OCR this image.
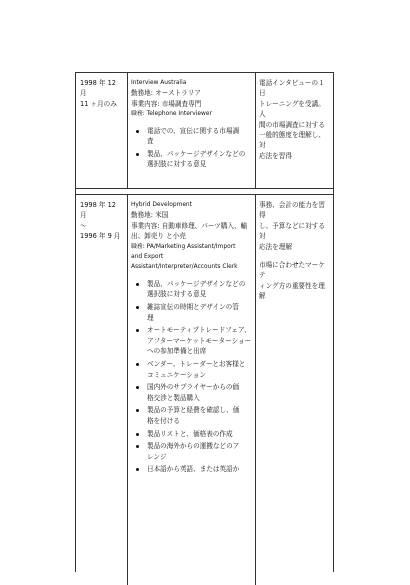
1998 年 12 月
11 ヶ月のみ
Interview Australia
勤務地: オーストラリア
事業内容: 市場調査専門
職務: Telephone Interviewer
電話での、宣伝に関する市場調
査
製品、パッケージデザインなどの
選択肢に対する意見
電話インタビューの１日
トレーニングを受講。人
間の市場調査に対する
一般的態度を理解し、対
応法を習得
1998 年 12 月
～
1996 年 9 月
Hybrid Development
勤務地: 米国
事業内容: 自動車修理、パーツ購入、輸
出、卸売り と小売
職務: PA/Marketing Assistant/Import
and Export
Assistant/Interpreter/Accounts Clerk
製品、パッケージデザインなどの
選択肢に対する意見
雑誌宣伝の時期とデザインの管
理
オートモーティブトレードフェア、
アフターマーケットモーターショー
への参加準備と出席
ベンダー、トレーダーとお客様と
コミュニケーション
国内外のサプライヤーからの価
格交渉と製品購入
製品の予算と経費を確認し、価
格を付ける
製品リストと、価格表の作成
製品の海外からの運搬などのア
レンジ
日本語から英語、または英語か
事務、会計の能力を習得
し、予算などに対する対
応法を理解
市場に合わせたマーケテ
ィング方の重要性を理解
